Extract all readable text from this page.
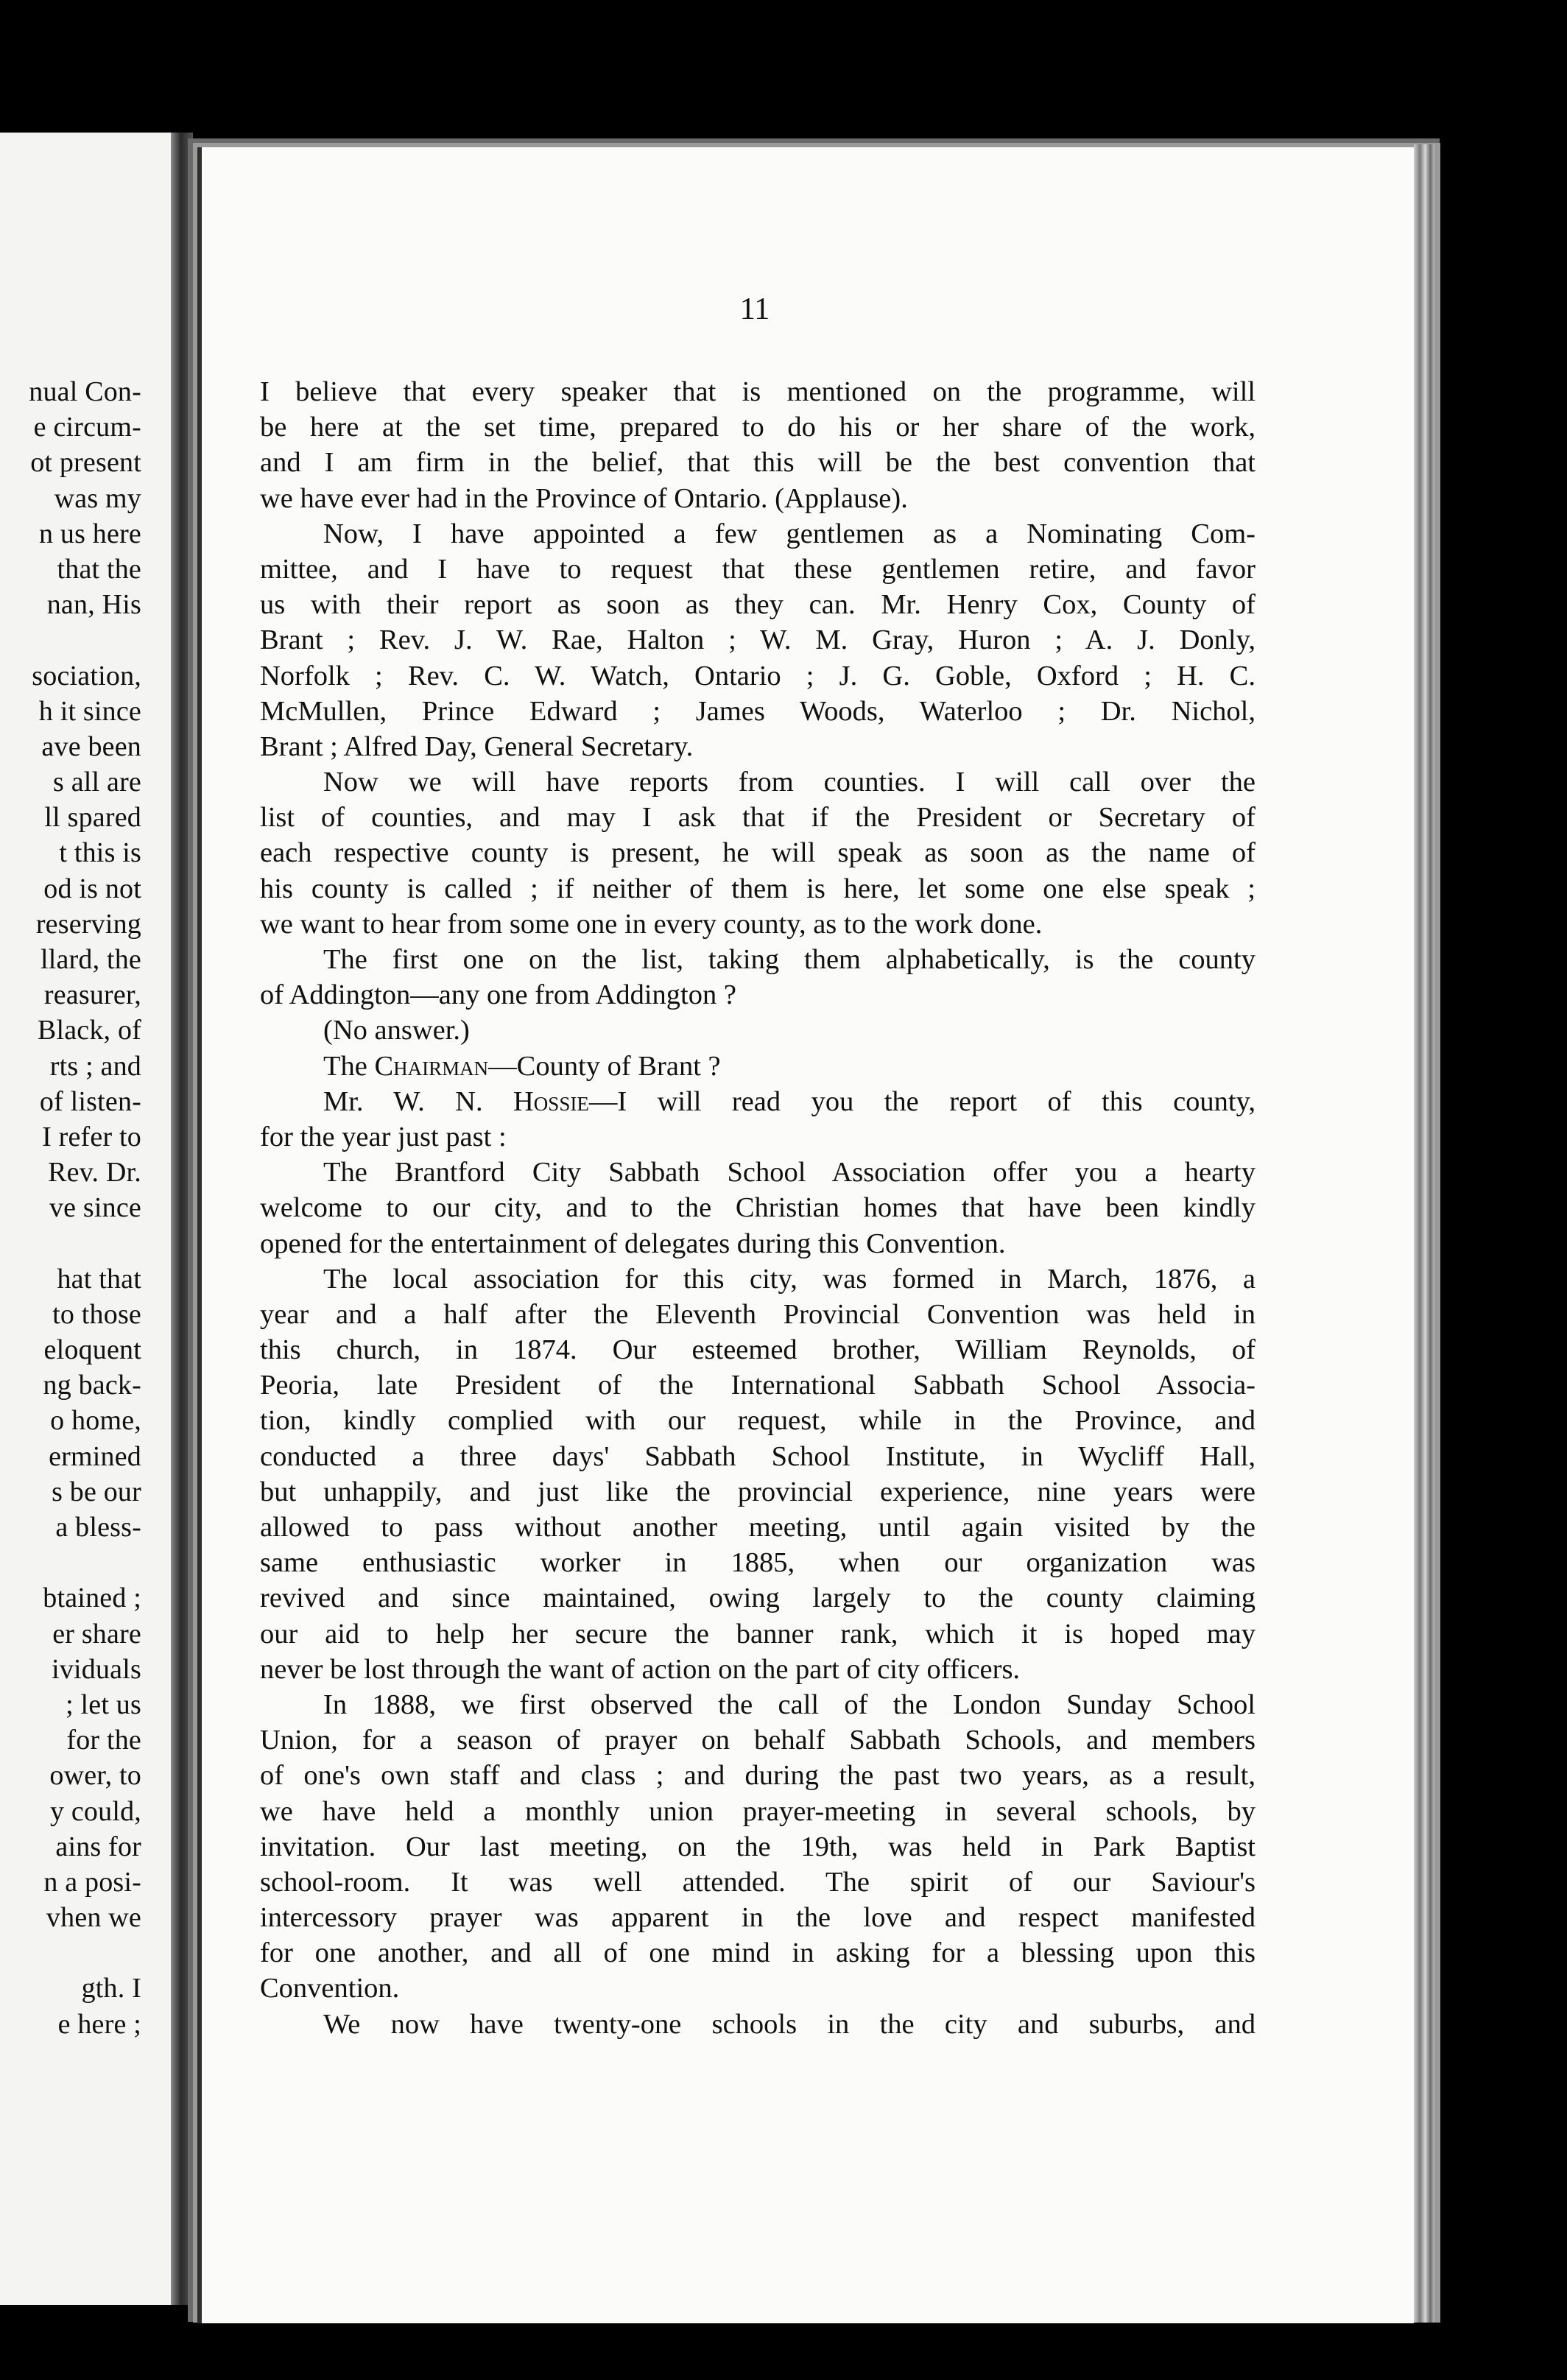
nual Con-
e circum-
ot present
was my
n us here
that the
nan, His
sociation,
h it since
ave been
s all are
ll spared
t this is
od is not
reserving
llard, the
reasurer,
Black, of
rts ; and
of listen-
I refer to
Rev. Dr.
ve since
hat that
to those
eloquent
ng back-
o home,
ermined
s be our
a bless-
btained ;
er share
ividuals
; let us
for the
ower, to
y could,
ains for
n a posi-
vhen we
gth. I
e here ;
11
I believe that every speaker that is mentioned on the programme, will
be here at the set time, prepared to do his or her share of the work,
and I am firm in the belief, that this will be the best convention that
we have ever had in the Province of Ontario. (Applause).
Now, I have appointed a few gentlemen as a Nominating Com-
mittee, and I have to request that these gentlemen retire, and favor
us with their report as soon as they can. Mr. Henry Cox, County of
Brant ; Rev. J. W. Rae, Halton ; W. M. Gray, Huron ; A. J. Donly,
Norfolk ; Rev. C. W. Watch, Ontario ; J. G. Goble, Oxford ; H. C.
McMullen, Prince Edward ; James Woods, Waterloo ; Dr. Nichol,
Brant ; Alfred Day, General Secretary.
Now we will have reports from counties. I will call over the
list of counties, and may I ask that if the President or Secretary of
each respective county is present, he will speak as soon as the name of
his county is called ; if neither of them is here, let some one else speak ;
we want to hear from some one in every county, as to the work done.
The first one on the list, taking them alphabetically, is the county
of Addington—any one from Addington ?
(No answer.)
The Chairman—County of Brant ?
Mr. W. N. Hossie—I will read you the report of this county,
for the year just past :
The Brantford City Sabbath School Association offer you a hearty
welcome to our city, and to the Christian homes that have been kindly
opened for the entertainment of delegates during this Convention.
The local association for this city, was formed in March, 1876, a
year and a half after the Eleventh Provincial Convention was held in
this church, in 1874. Our esteemed brother, William Reynolds, of
Peoria, late President of the International Sabbath School Associa-
tion, kindly complied with our request, while in the Province, and
conducted a three days' Sabbath School Institute, in Wycliff Hall,
but unhappily, and just like the provincial experience, nine years were
allowed to pass without another meeting, until again visited by the
same enthusiastic worker in 1885, when our organization was
revived and since maintained, owing largely to the county claiming
our aid to help her secure the banner rank, which it is hoped may
never be lost through the want of action on the part of city officers.
In 1888, we first observed the call of the London Sunday School
Union, for a season of prayer on behalf Sabbath Schools, and members
of one's own staff and class ; and during the past two years, as a result,
we have held a monthly union prayer-meeting in several schools, by
invitation. Our last meeting, on the 19th, was held in Park Baptist
school-room. It was well attended. The spirit of our Saviour's
intercessory prayer was apparent in the love and respect manifested
for one another, and all of one mind in asking for a blessing upon this
Convention.
We now have twenty-one schools in the city and suburbs, and
